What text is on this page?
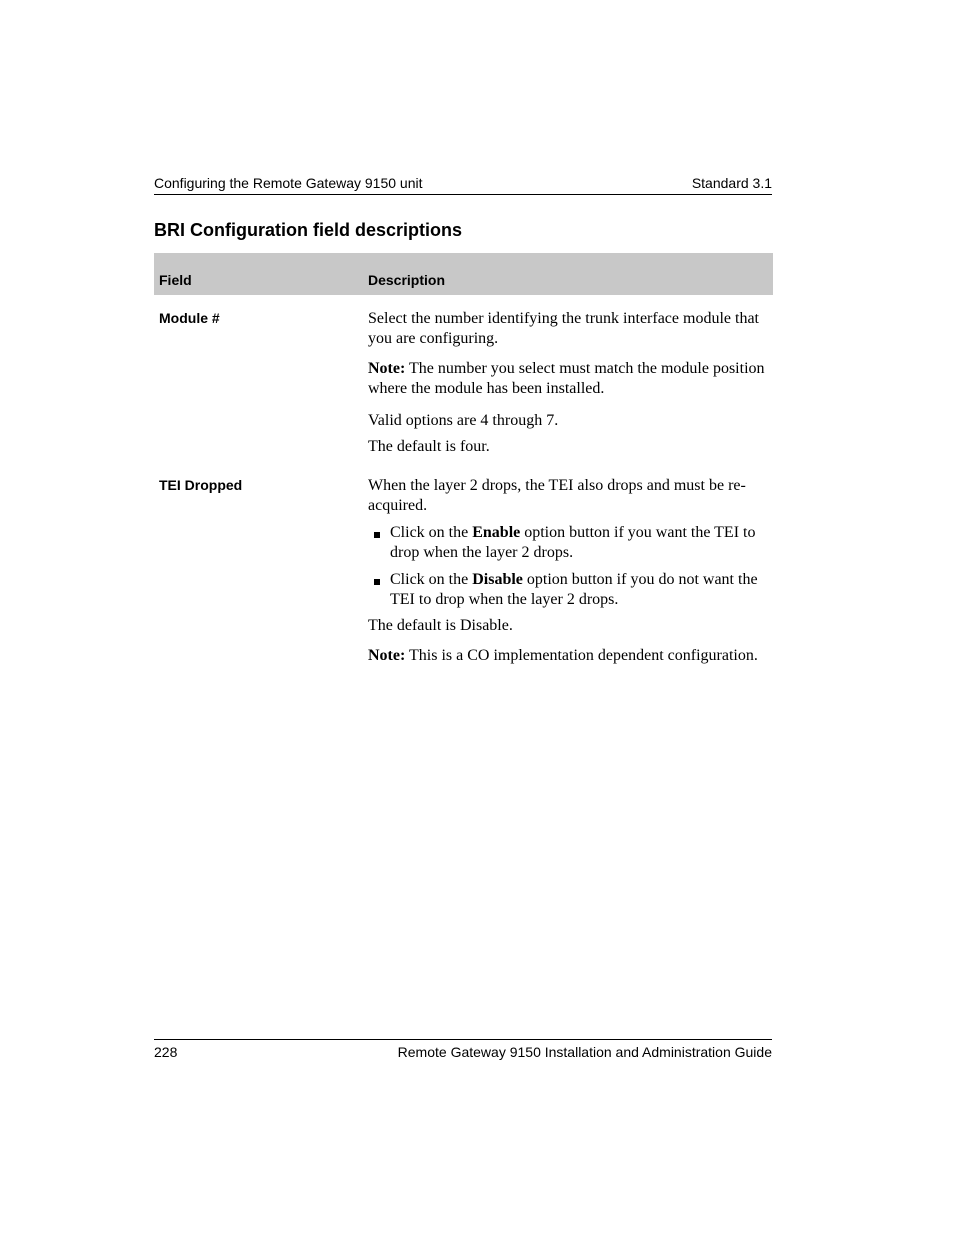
Configuring the Remote Gateway 9150 unit	Standard 3.1
BRI Configuration field descriptions
Field	Description
Module #	Select the number identifying the trunk interface module that you are configuring.

Note: The number you select must match the module position where the module has been installed.

Valid options are 4 through 7.

The default is four.

TEI Dropped	When the layer 2 drops, the TEI also drops and must be re-acquired.

Click on the Enable option button if you want the TEI to drop when the layer 2 drops.

Click on the Disable option button if you do not want the TEI to drop when the layer 2 drops.

The default is Disable.

Note: This is a CO implementation dependent configuration.

228	Remote Gateway 9150 Installation and Administration Guide
